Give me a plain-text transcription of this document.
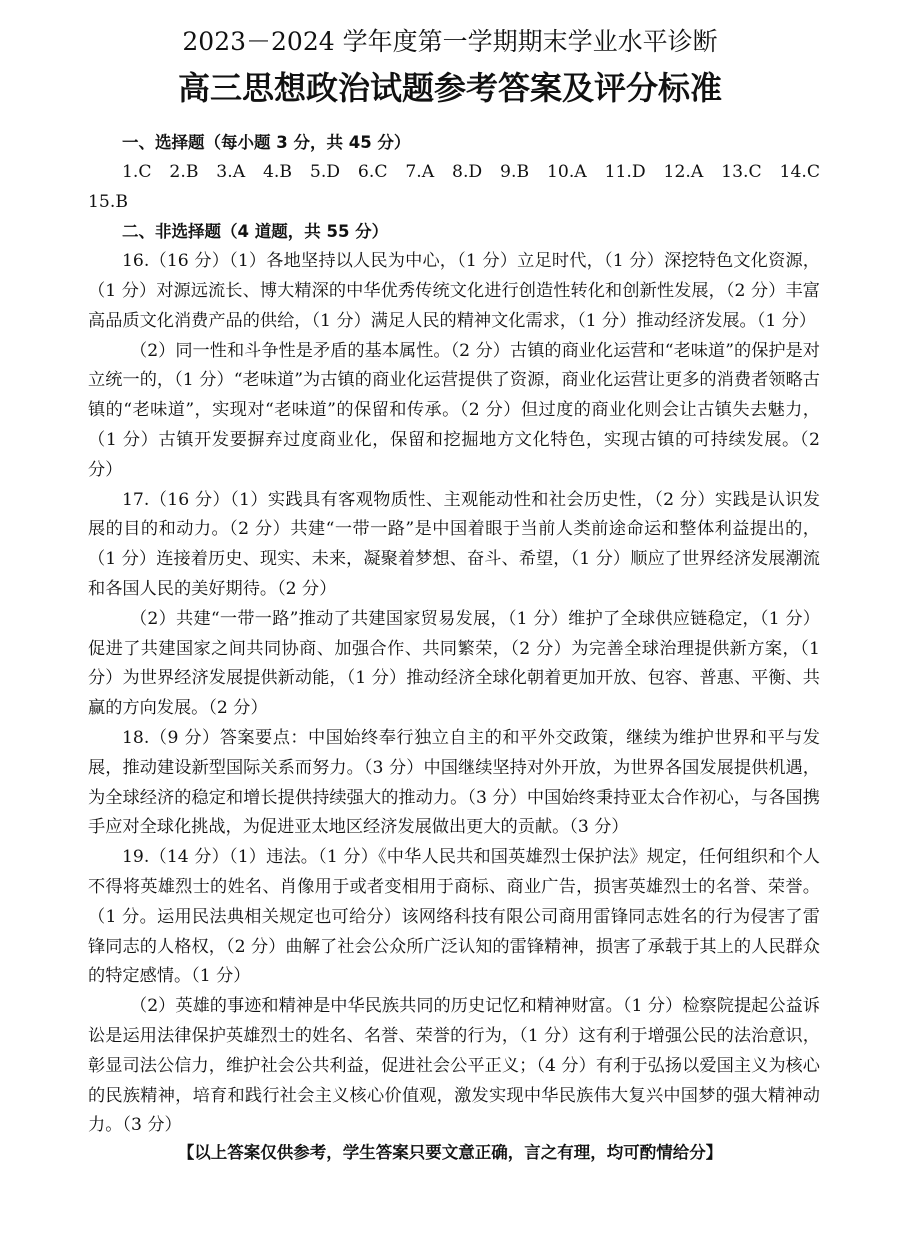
2023－2024 学年度第一学期期末学业水平诊断
高三思想政治试题参考答案及评分标准

一、选择题（每小题 3 分，共 45 分）

1.C　2.B　3.A　4.B　5.D　6.C　7.A　8.D　9.B　10.A　11.D　12.A　13.C　14.C

15.B

二、非选择题（4 道题，共 55 分）

16.（16 分）（1）各地坚持以人民为中心，（1 分）立足时代，（1 分）深挖特色文化资源，（1 分）对源远流长、博大精深的中华优秀传统文化进行创造性转化和创新性发展，（2 分）丰富高品质文化消费产品的供给，（1 分）满足人民的精神文化需求，（1 分）推动经济发展。（1 分）

（2）同一性和斗争性是矛盾的基本属性。（2 分）古镇的商业化运营和“老味道”的保护是对立统一的，（1 分）“老味道”为古镇的商业化运营提供了资源，商业化运营让更多的消费者领略古镇的“老味道”，实现对“老味道”的保留和传承。（2 分）但过度的商业化则会让古镇失去魅力，（1 分）古镇开发要摒弃过度商业化，保留和挖掘地方文化特色，实现古镇的可持续发展。（2 分）

17.（16 分）（1）实践具有客观物质性、主观能动性和社会历史性，（2 分）实践是认识发展的目的和动力。（2 分）共建“一带一路”是中国着眼于当前人类前途命运和整体利益提出的，（1 分）连接着历史、现实、未来，凝聚着梦想、奋斗、希望，（1 分）顺应了世界经济发展潮流和各国人民的美好期待。（2 分）

（2）共建“一带一路”推动了共建国家贸易发展，（1 分）维护了全球供应链稳定，（1 分）促进了共建国家之间共同协商、加强合作、共同繁荣，（2 分）为完善全球治理提供新方案，（1 分）为世界经济发展提供新动能，（1 分）推动经济全球化朝着更加开放、包容、普惠、平衡、共赢的方向发展。（2 分）

18.（9 分）答案要点：中国始终奉行独立自主的和平外交政策，继续为维护世界和平与发展，推动建设新型国际关系而努力。（3 分）中国继续坚持对外开放，为世界各国发展提供机遇，为全球经济的稳定和增长提供持续强大的推动力。（3 分）中国始终秉持亚太合作初心，与各国携手应对全球化挑战，为促进亚太地区经济发展做出更大的贡献。（3 分）

19.（14 分）（1）违法。（1 分）《中华人民共和国英雄烈士保护法》规定，任何组织和个人不得将英雄烈士的姓名、肖像用于或者变相用于商标、商业广告，损害英雄烈士的名誉、荣誉。（1 分。运用民法典相关规定也可给分）该网络科技有限公司商用雷锋同志姓名的行为侵害了雷锋同志的人格权，（2 分）曲解了社会公众所广泛认知的雷锋精神，损害了承载于其上的人民群众的特定感情。（1 分）

（2）英雄的事迹和精神是中华民族共同的历史记忆和精神财富。（1 分）检察院提起公益诉讼是运用法律保护英雄烈士的姓名、名誉、荣誉的行为，（1 分）这有利于增强公民的法治意识，彰显司法公信力，维护社会公共利益，促进社会公平正义；（4 分）有利于弘扬以爱国主义为核心的民族精神，培育和践行社会主义核心价值观，激发实现中华民族伟大复兴中国梦的强大精神动力。（3 分）

【以上答案仅供参考，学生答案只要文意正确，言之有理，均可酌情给分】
